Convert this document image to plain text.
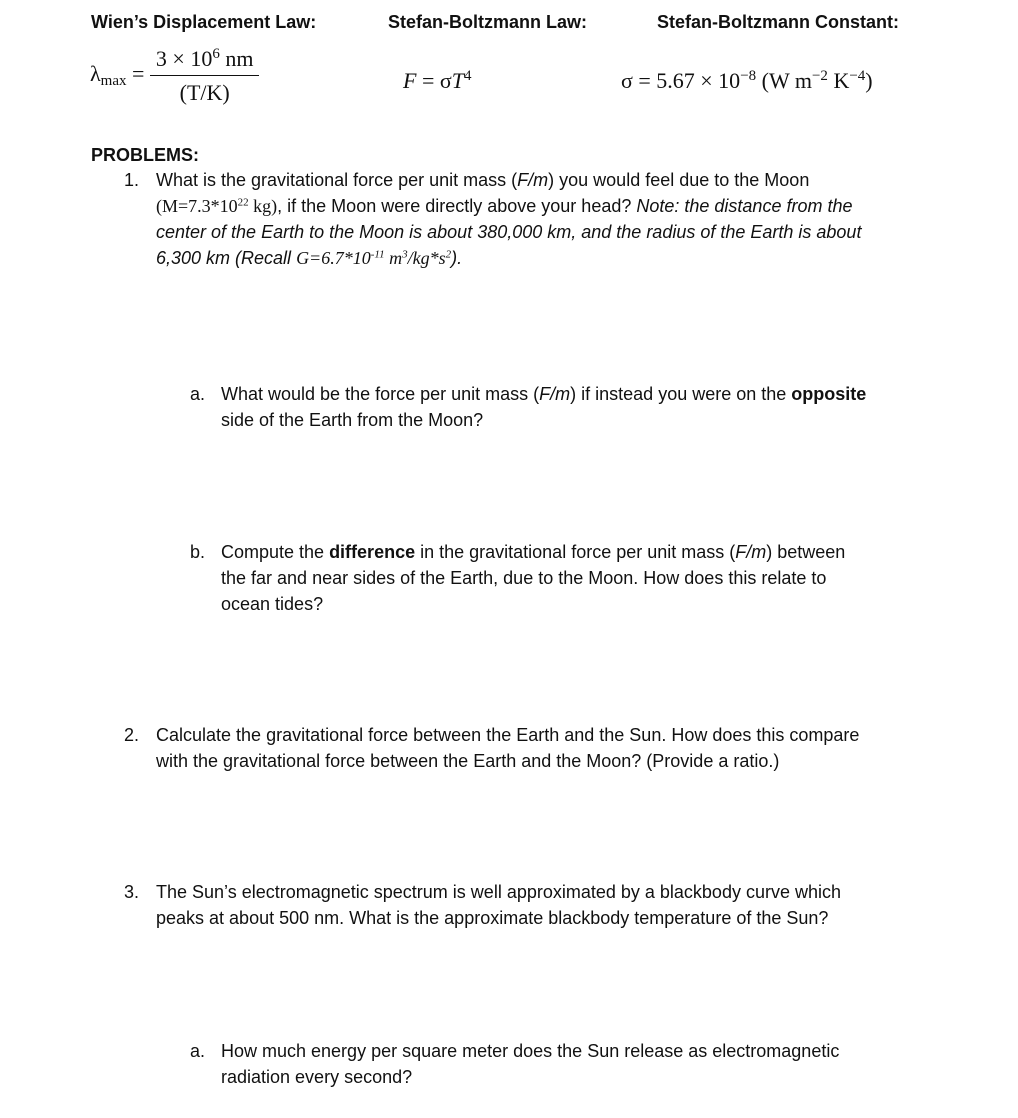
Wien’s Displacement Law:	Stefan-Boltzmann Law:	Stefan-Boltzmann Constant:
$\lambda_{max} = \frac{3 \times 10^6 nm}{(T/K)}$	$F = \sigma T^4$	$\sigma = 5.67 \times 10^{-8}$ (W $m^{-2}$ $K^{-4}$)
PROBLEMS:
1. What is the gravitational force per unit mass (F/m) you would feel due to the Moon
($M=7.3*10^{22}$ kg), if the Moon were directly above your head? Note: the distance from the
center of the Earth to the Moon is about 380,000 km, and the radius of the Earth is about
6,300 km (Recall $G=6.7*10^{-11}$ $m^3/kg*s^2$).
a. What would be the force per unit mass (F/m) if instead you were on the opposite
side of the Earth from the Moon?
b. Compute the difference in the gravitational force per unit mass (F/m) between
the far and near sides of the Earth, due to the Moon. How does this relate to
ocean tides?
2. Calculate the gravitational force between the Earth and the Sun. How does this compare
with the gravitational force between the Earth and the Moon? (Provide a ratio.)
3. The Sun’s electromagnetic spectrum is well approximated by a blackbody curve which
peaks at about 500 nm. What is the approximate blackbody temperature of the Sun?
a. How much energy per square meter does the Sun release as electromagnetic
radiation every second?
